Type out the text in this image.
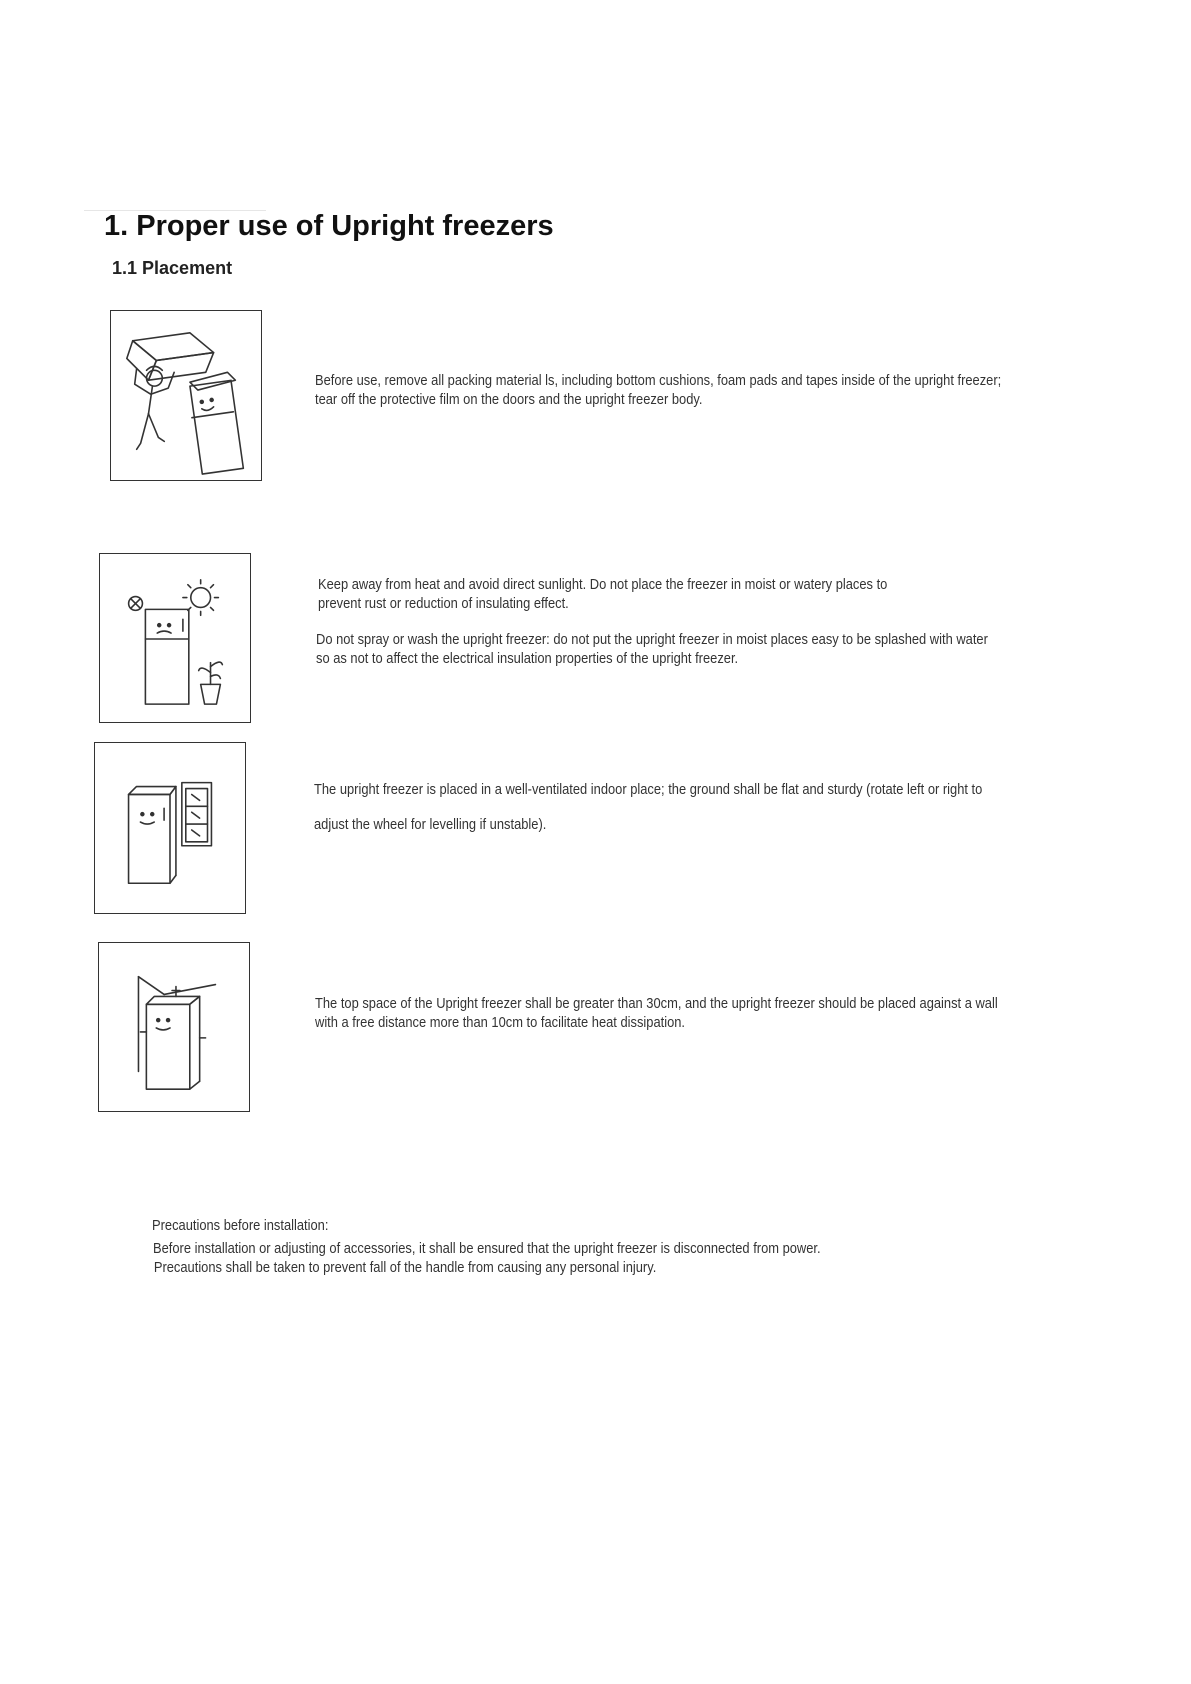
1. Proper use of Upright freezers
1.1 Placement

Before use, remove all packing material ls, including bottom cushions, foam pads and tapes inside of the upright freezer;
tear off the protective film on the doors and the upright freezer body.

Keep away from heat and avoid direct sunlight. Do not place the freezer in moist or watery places to
prevent rust or reduction of insulating effect.

Do not spray or wash the upright freezer: do not put the upright freezer in moist places easy to be splashed with water
so as not to affect the electrical insulation properties of the upright freezer.

The upright freezer is placed in a well-ventilated indoor place; the ground shall be flat and sturdy (rotate left or right to
adjust the wheel for levelling if unstable).

The top space of the Upright freezer shall be greater than 30cm, and the upright freezer should be placed against a wall
with a free distance more than 10cm to facilitate heat dissipation.

Precautions before installation:

Before installation or adjusting of accessories, it shall be ensured that the upright freezer is disconnected from power.
Precautions shall be taken to prevent fall of the handle from causing any personal injury.
